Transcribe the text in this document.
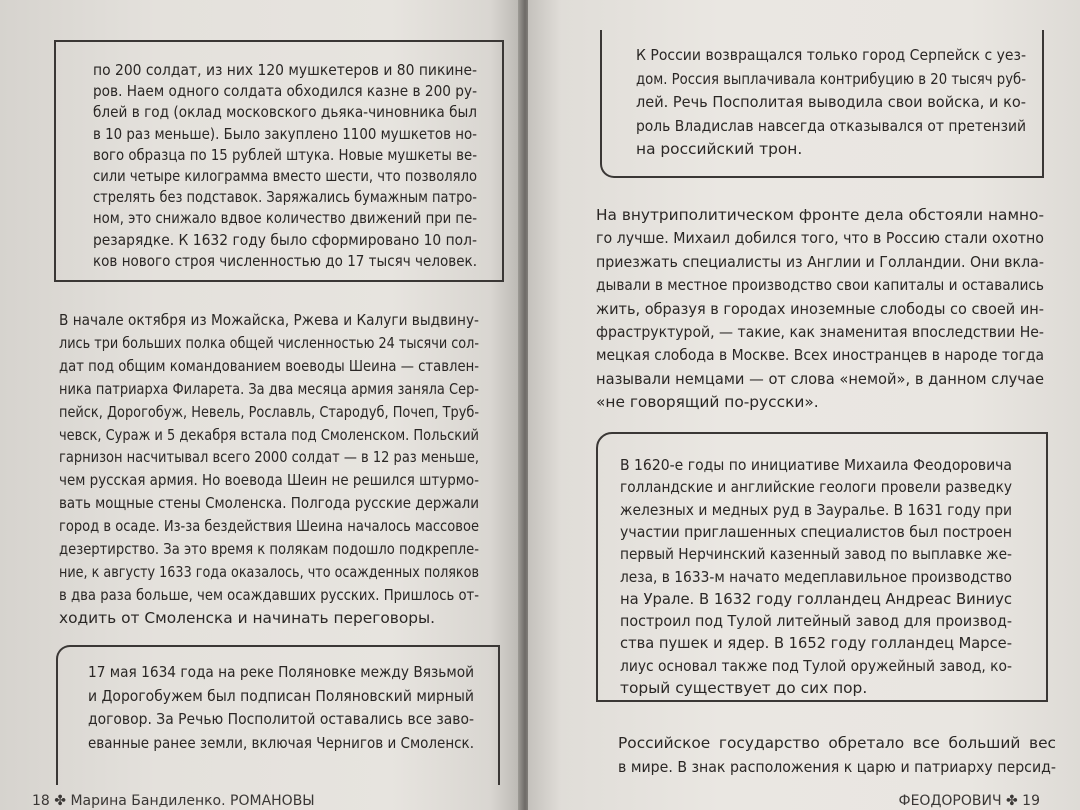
по 200 солдат, из них 120 мушкетеров и 80 пикине-
ров. Наем одного солдата обходился казне в 200 ру-
блей в год (оклад московского дьяка-чиновника был
в 10 раз меньше). Было закуплено 1100 мушкетов но-
вого образца по 15 рублей штука. Новые мушкеты ве-
сили четыре килограмма вместо шести, что позволяло
стрелять без подставок. Заряжались бумажным патро-
ном, это снижало вдвое количество движений при пе-
резарядке. К 1632 году было сформировано 10 пол-
ков нового строя численностью до 17 тысяч человек.
В начале октября из Можайска, Ржева и Калуги выдвину-
лись три больших полка общей численностью 24 тысячи сол-
дат под общим командованием воеводы Шеина — ставлен-
ника патриарха Филарета. За два месяца армия заняла Сер-
пейск, Дорогобуж, Невель, Рославль, Стародуб, Почеп, Труб-
чевск, Сураж и 5 декабря встала под Смоленском. Польский
гарнизон насчитывал всего 2000 солдат — в 12 раз меньше,
чем русская армия. Но воевода Шеин не решился штурмо-
вать мощные стены Смоленска. Полгода русские держали
город в осаде. Из-за бездействия Шеина началось массовое
дезертирство. За это время к полякам подошло подкрепле-
ние, к августу 1633 года оказалось, что осажденных поляков
в два раза больше, чем осаждавших русских. Пришлось от-
ходить от Смоленска и начинать переговоры.
17 мая 1634 года на реке Поляновке между Вязьмой
и Дорогобужем был подписан Поляновский мирный
договор. За Речью Посполитой оставались все заво-
еванные ранее земли, включая Чернигов и Смоленск.
18 ✤ Марина Бандиленко. РОМАНОВЫ
К России возвращался только город Серпейск с уез-
дом. Россия выплачивала контрибуцию в 20 тысяч руб-
лей. Речь Посполитая выводила свои войска, и ко-
роль Владислав навсегда отказывался от претензий
на российский трон.
На внутриполитическом фронте дела обстояли намно-
го лучше. Михаил добился того, что в Россию стали охотно
приезжать специалисты из Англии и Голландии. Они вкла-
дывали в местное производство свои капиталы и оставались
жить, образуя в городах иноземные слободы со своей ин-
фраструктурой, — такие, как знаменитая впоследствии Не-
мецкая слобода в Москве. Всех иностранцев в народе тогда
называли немцами — от слова «немой», в данном случае
«не говорящий по-русски».
В 1620-е годы по инициативе Михаила Феодоровича
голландские и английские геологи провели разведку
железных и медных руд в Зауралье. В 1631 году при
участии приглашенных специалистов был построен
первый Нерчинский казенный завод по выплавке же-
леза, в 1633-м начато медеплавильное производство
на Урале. В 1632 году голландец Андреас Виниус
построил под Тулой литейный завод для производ-
ства пушек и ядер. В 1652 году голландец Марсе-
лиус основал также под Тулой оружейный завод, ко-
торый существует до сих пор.
Российское государство обретало все больший вес
в мире. В знак расположения к царю и патриарху персид-
ФЕОДОРОВИЧ ✤ 19
